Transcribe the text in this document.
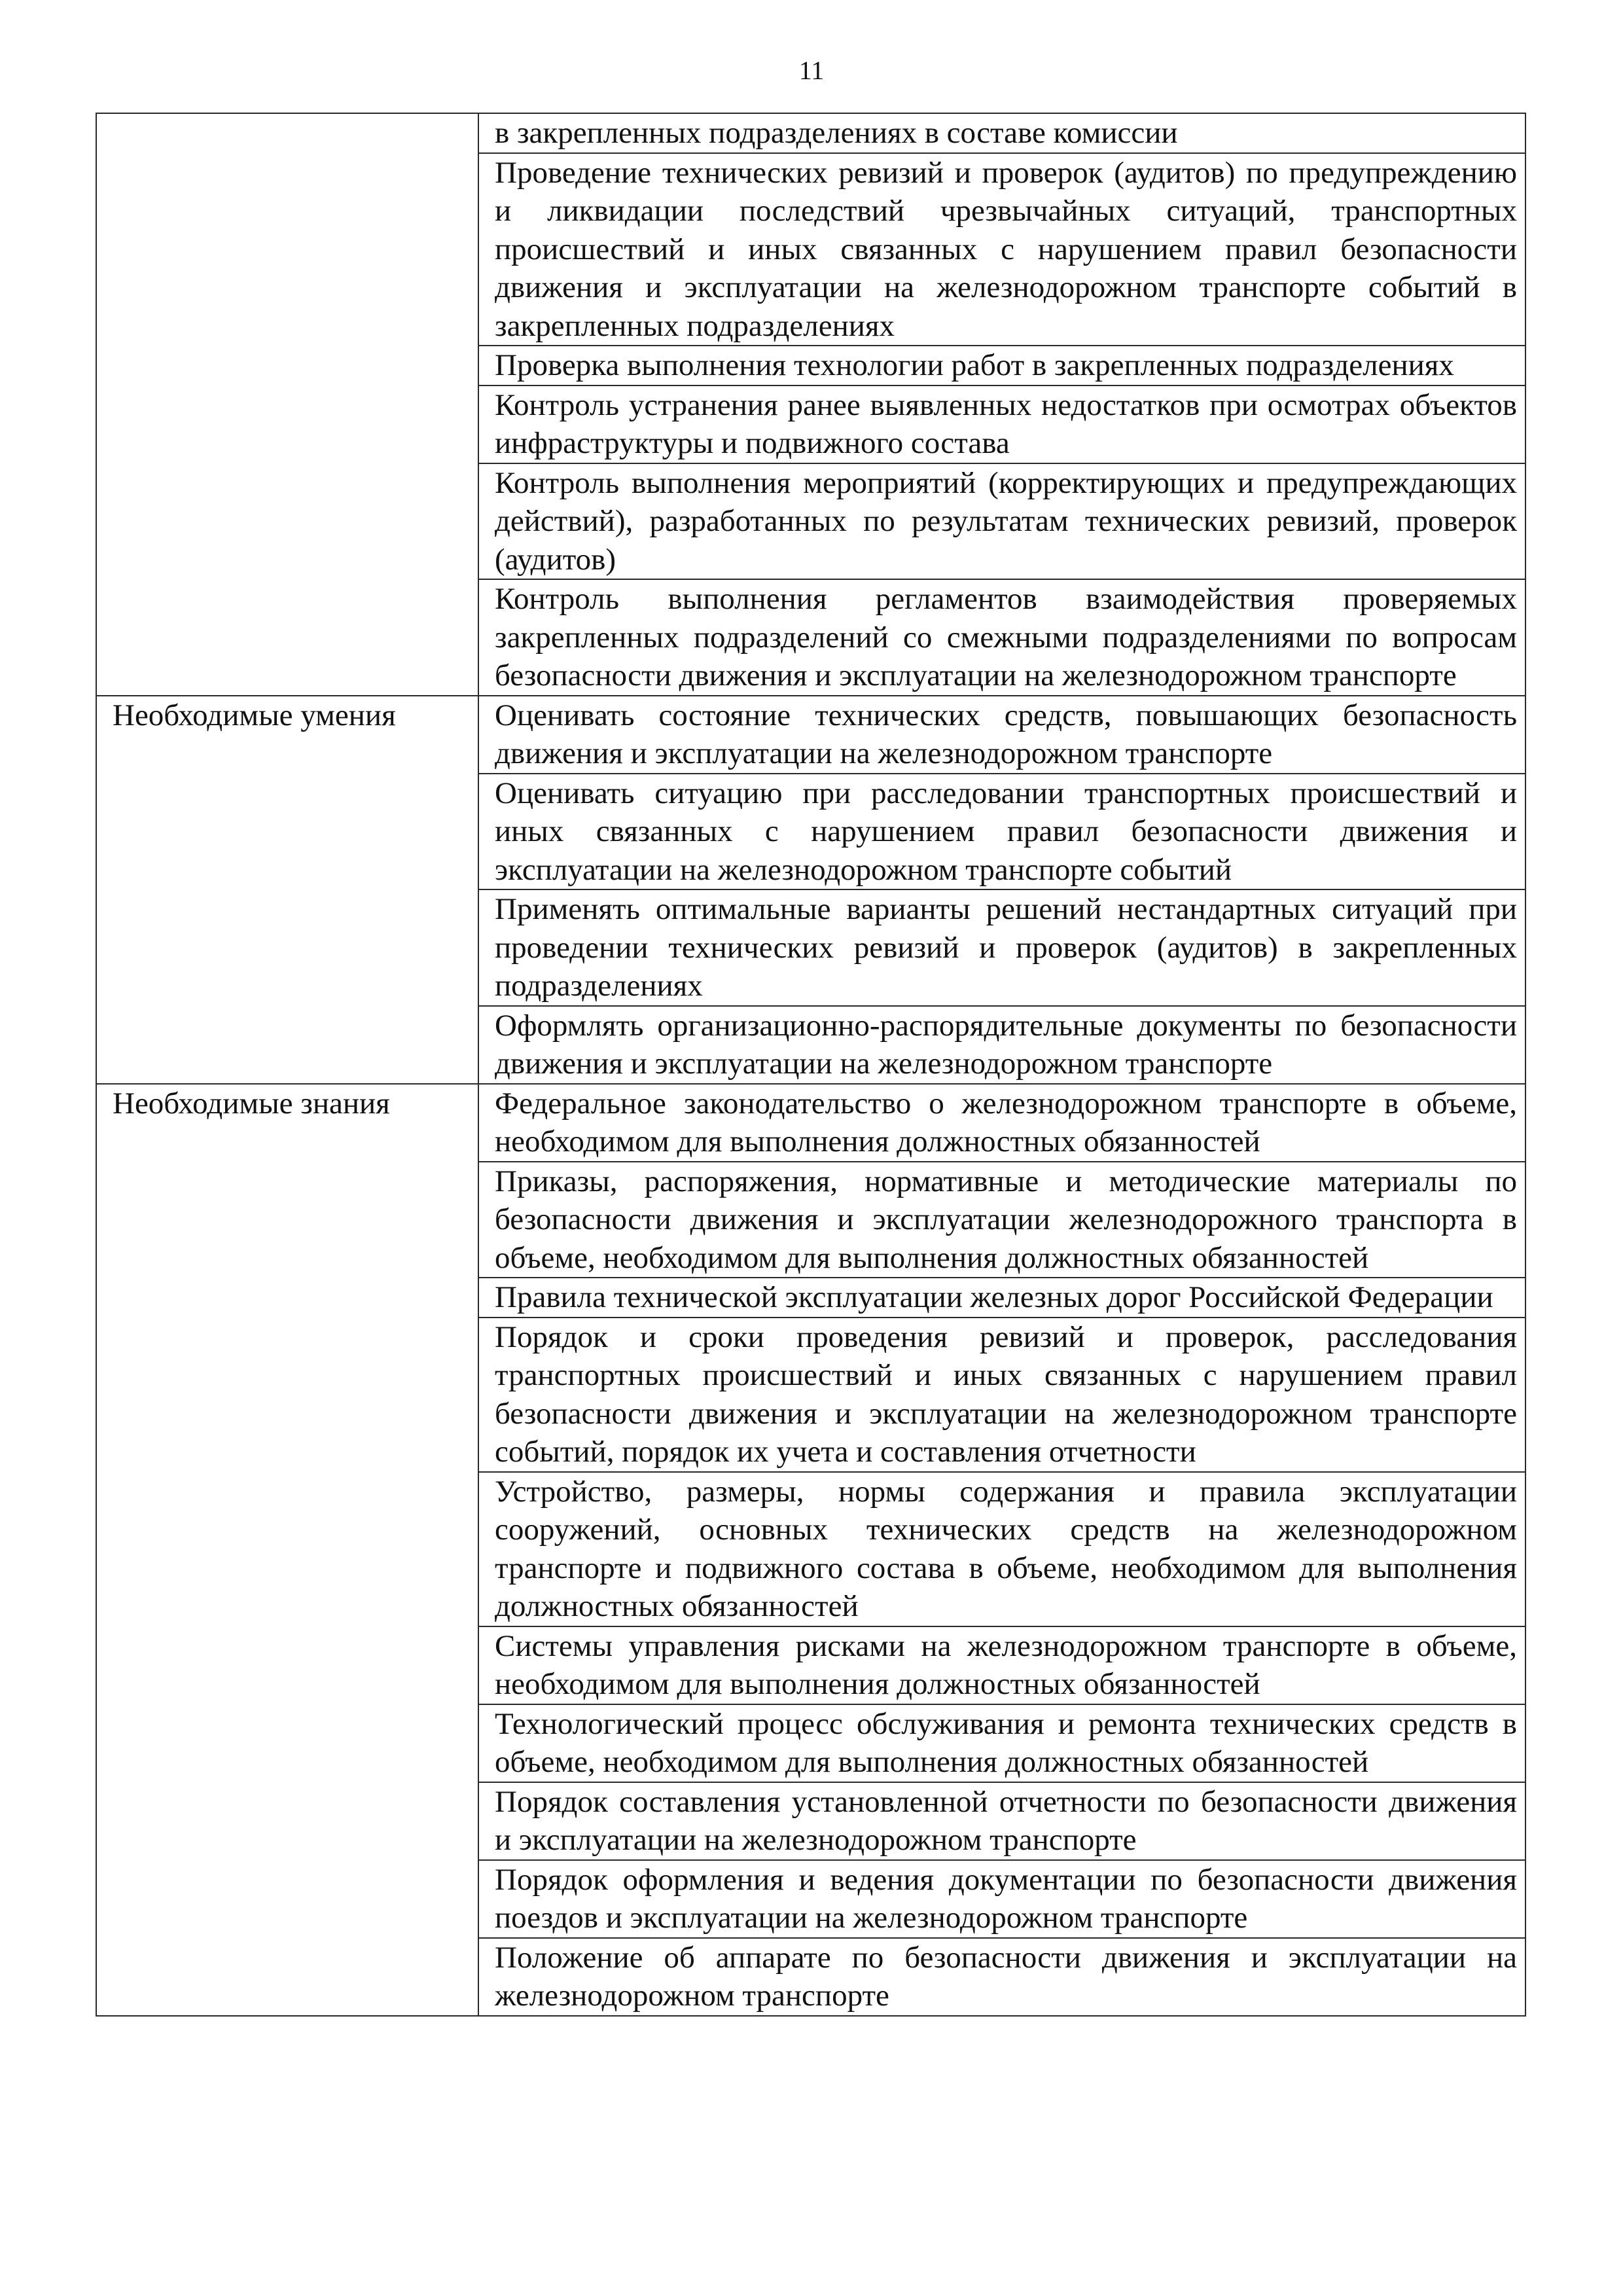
11

	в закрепленных подразделениях в составе комиссии

	Проведение технических ревизий и проверок (аудитов) по предупреждению и ликвидации последствий чрезвычайных ситуаций, транспортных происшествий и иных связанных с нарушением правил безопасности движения и эксплуатации на железнодорожном транспорте событий в закрепленных подразделениях

	Проверка выполнения технологии работ в закрепленных подразделениях

	Контроль устранения ранее выявленных недостатков при осмотрах объектов инфраструктуры и подвижного состава

	Контроль выполнения мероприятий (корректирующих и предупреждающих действий), разработанных по результатам технических ревизий, проверок (аудитов)

	Контроль выполнения регламентов взаимодействия проверяемых закрепленных подразделений со смежными подразделениями по вопросам безопасности движения и эксплуатации на железнодорожном транспорте

Необходимые умения	Оценивать состояние технических средств, повышающих безопасность движения и эксплуатации на железнодорожном транспорте

	Оценивать ситуацию при расследовании транспортных происшествий и иных связанных с нарушением правил безопасности движения и эксплуатации на железнодорожном транспорте событий

	Применять оптимальные варианты решений нестандартных ситуаций при проведении технических ревизий и проверок (аудитов) в закрепленных подразделениях

	Оформлять организационно-распорядительные документы по безопасности движения и эксплуатации на железнодорожном транспорте

Необходимые знания	Федеральное законодательство о железнодорожном транспорте в объеме, необходимом для выполнения должностных обязанностей

	Приказы, распоряжения, нормативные и методические материалы по безопасности движения и эксплуатации железнодорожного транспорта в объеме, необходимом для выполнения должностных обязанностей

	Правила технической эксплуатации железных дорог Российской Федерации

	Порядок и сроки проведения ревизий и проверок, расследования транспортных происшествий и иных связанных с нарушением правил безопасности движения и эксплуатации на железнодорожном транспорте событий, порядок их учета и составления отчетности

	Устройство, размеры, нормы содержания и правила эксплуатации сооружений, основных технических средств на железнодорожном транспорте и подвижного состава в объеме, необходимом для выполнения должностных обязанностей

	Системы управления рисками на железнодорожном транспорте в объеме, необходимом для выполнения должностных обязанностей

	Технологический процесс обслуживания и ремонта технических средств в объеме, необходимом для выполнения должностных обязанностей

	Порядок составления установленной отчетности по безопасности движения и эксплуатации на железнодорожном транспорте

	Порядок оформления и ведения документации по безопасности движения поездов и эксплуатации на железнодорожном транспорте

	Положение об аппарате по безопасности движения и эксплуатации на железнодорожном транспорте
